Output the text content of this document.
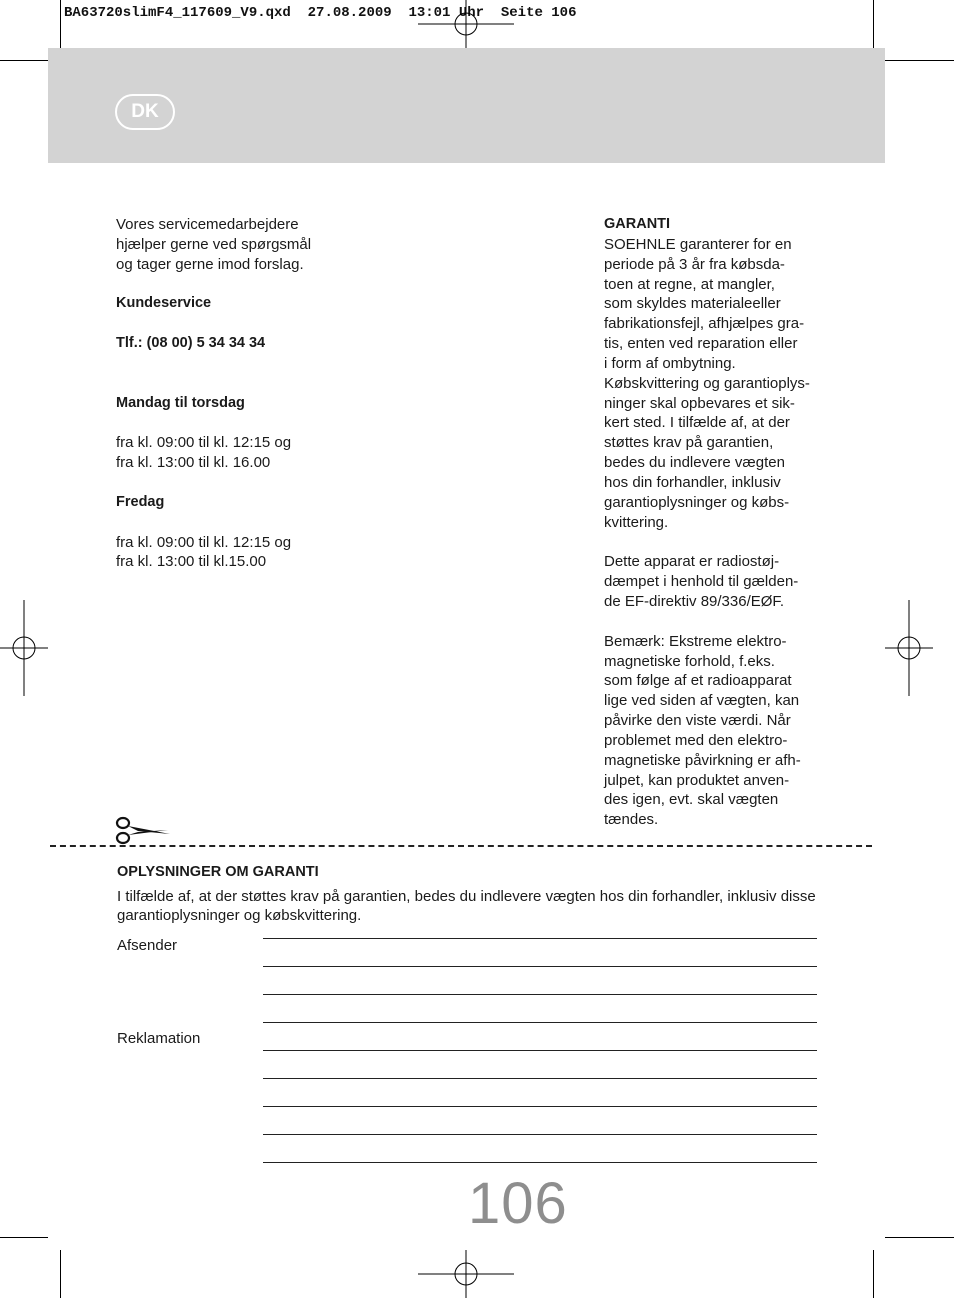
BA63720slimF4_117609_V9.qxd  27.08.2009  13:01 Uhr  Seite 106
DK

Vores servicemedarbejdere

hjælper gerne ved spørgsmål

og tager gerne imod forslag.

Kundeservice

Tlf.: (08 00) 5 34 34 34

Mandag til torsdag

fra kl. 09:00 til kl. 12:15 og

fra kl. 13:00 til kl. 16.00

Fredag

fra kl. 09:00 til kl. 12:15 og

fra kl. 13:00 til kl.15.00

GARANTI

SOEHNLE garanterer for en

periode på 3 år fra købsda-

toen at regne, at mangler,

som skyldes materialeeller

fabrikationsfejl, afhjælpes gra-

tis, enten ved reparation eller

i form af ombytning.

Købskvittering og garantioplys-

ninger skal opbevares et sik-

kert sted. I tilfælde af, at der

støttes krav på garantien,

bedes du indlevere vægten

hos din forhandler, inklusiv

garantioplysninger og købs-

kvittering.

Dette apparat er radiostøj-

dæmpet i henhold til gælden-

de EF-direktiv 89/336/EØF.

Bemærk: Ekstreme elektro-

magnetiske forhold, f.eks.

som følge af et radioapparat

lige ved siden af vægten, kan

påvirke den viste værdi. Når

problemet med den elektro-

magnetiske påvirkning er afh-

julpet, kan produktet anven-

des igen, evt. skal vægten

tændes.

OPLYSNINGER OM GARANTI
I tilfælde af, at der støttes krav på garantien, bedes du indlevere vægten hos din forhandler, inklusiv disse garantioplysninger og købskvittering.
Afsender
Reklamation
106
